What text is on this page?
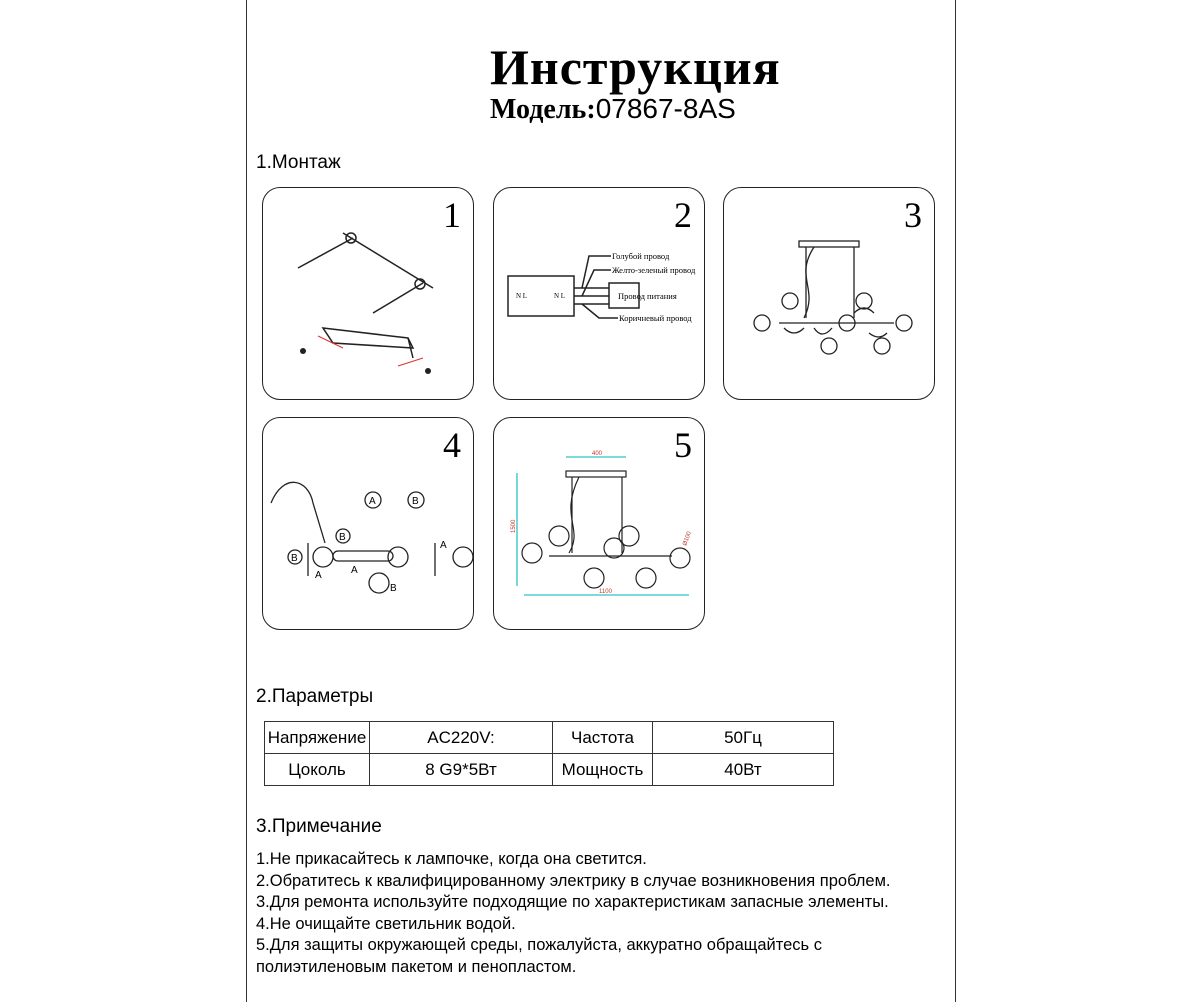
Инструкция
Модель:07867-8AS
1.Монтаж
1	2
Голубой провод
Желто-зеленый провод
Провод питания
Коричневый провод
N L	N L
3
4
A	B
B
B
A	A
B
A
5
400
1500
1100
Ø100
2.Параметры
Напряжение	AC220V:	Частота	50Гц
Цоколь	8 G9*5Вт	Мощность	40Вт
3.Примечание
1.Не прикасайтесь к лампочке, когда она светится.
2.Обратитесь к квалифицированному электрику в случае возникновения проблем.
3.Для ремонта используйте подходящие по характеристикам запасные элементы.
4.Не очищайте светильник водой.
5.Для защиты окружающей среды, пожалуйста, аккуратно обращайтесь с
полиэтиленовым пакетом и пенопластом.
